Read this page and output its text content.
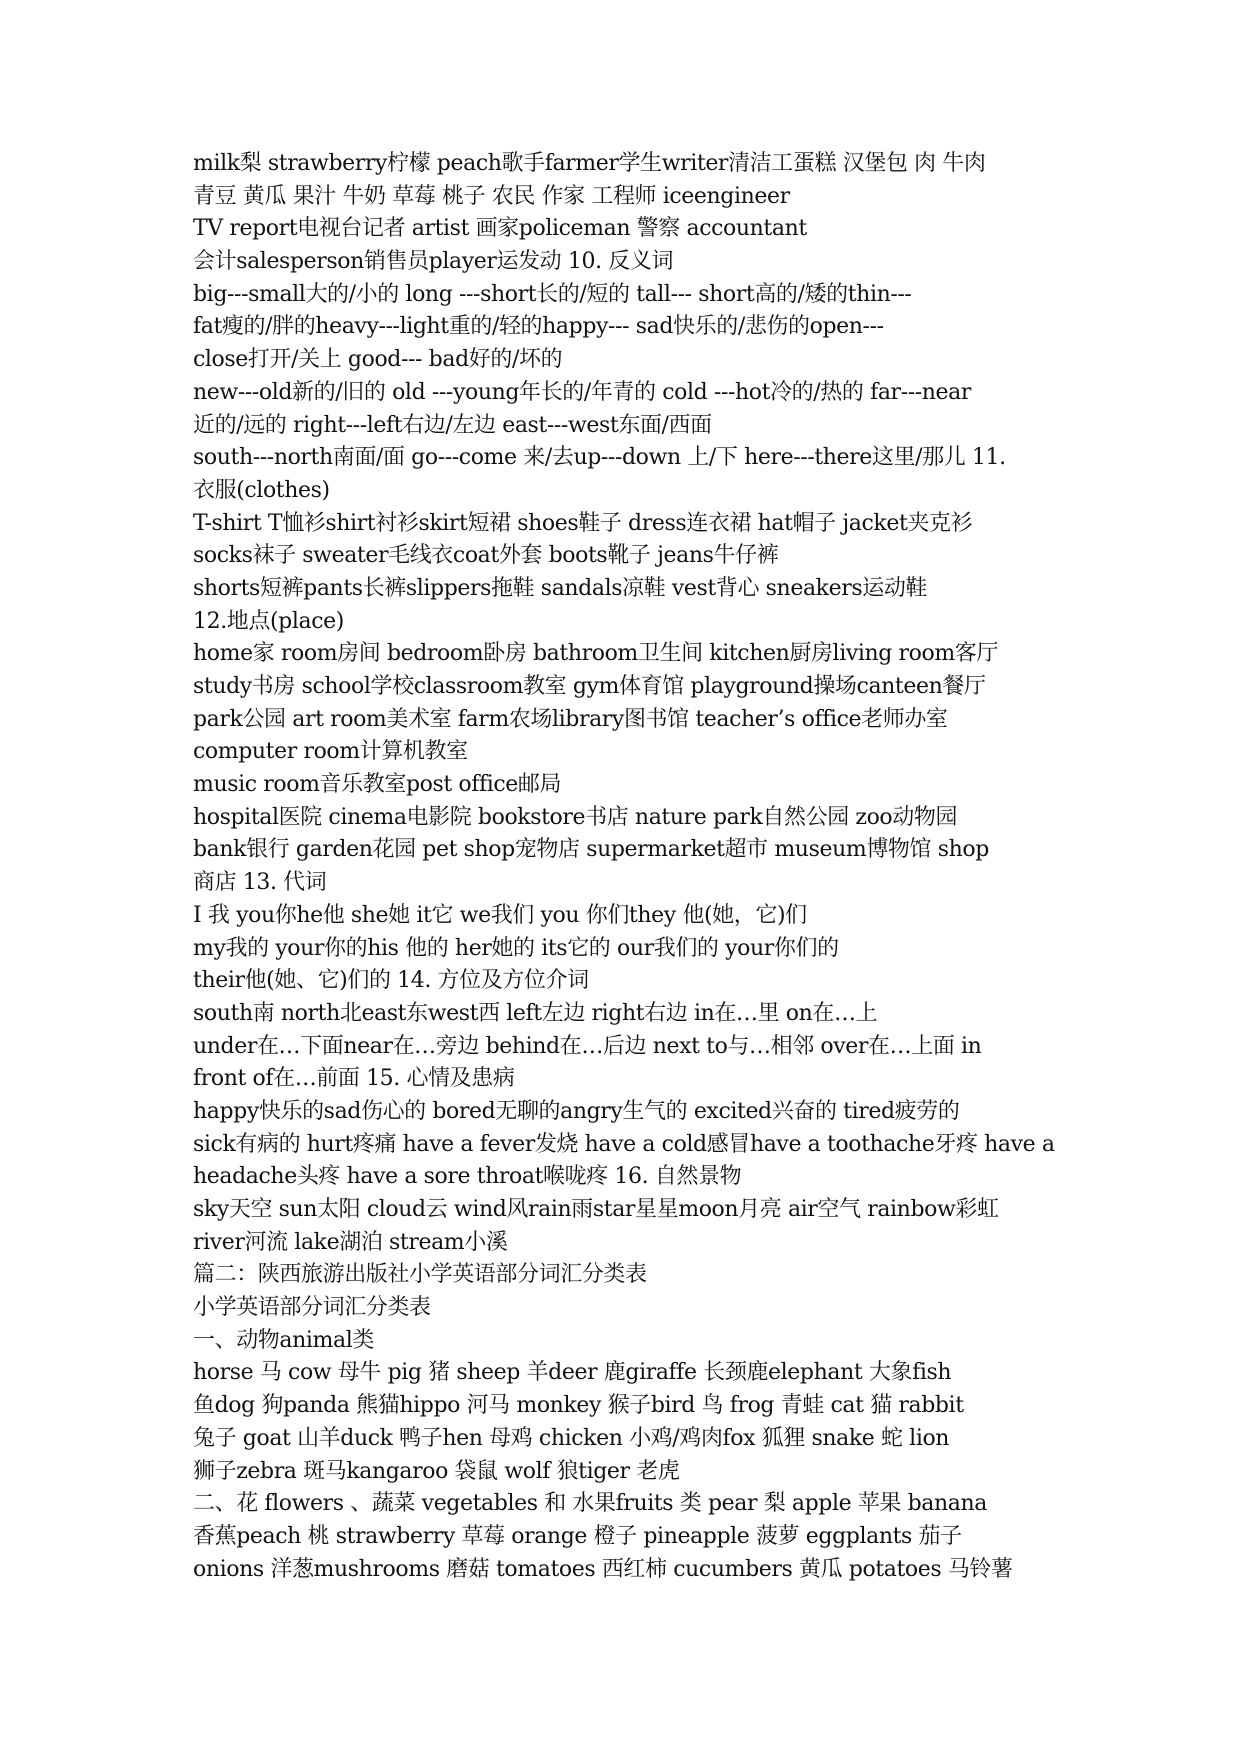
milk梨 strawberry柠檬 peach歌手farmer学生writer清洁工蛋糕 汉堡包 肉 牛肉
青豆 黄瓜 果汁 牛奶 草莓 桃子 农民 作家 工程师 iceengineer
TV report电视台记者 artist 画家policeman 警察 accountant
会计salesperson销售员player运发动 10. 反义词
big---small大的/小的 long ---short长的/短的 tall--- short高的/矮的thin---
fat瘦的/胖的heavy---light重的/轻的happy--- sad快乐的/悲伤的open---
close打开/关上 good--- bad好的/坏的
new---old新的/旧的 old ---young年长的/年青的 cold ---hot冷的/热的 far---near
近的/远的 right---left右边/左边 east---west东面/西面
south---north南面/面 go---come 来/去up---down 上/下 here---there这里/那儿 11.
衣服(clothes)
T-shirt T恤衫shirt衬衫skirt短裙 shoes鞋子 dress连衣裙 hat帽子 jacket夹克衫
socks袜子 sweater毛线衣coat外套 boots靴子 jeans牛仔裤
shorts短裤pants长裤slippers拖鞋 sandals凉鞋 vest背心 sneakers运动鞋
12.地点(place)
home家 room房间 bedroom卧房 bathroom卫生间 kitchen厨房living room客厅
study书房 school学校classroom教室 gym体育馆 playground操场canteen餐厅
park公园 art room美术室 farm农场library图书馆 teacher’s office老师办室
computer room计算机教室
music room音乐教室post office邮局
hospital医院 cinema电影院 bookstore书店 nature park自然公园 zoo动物园
bank银行 garden花园 pet shop宠物店 supermarket超市 museum博物馆 shop
商店 13. 代词
I 我 you你he他 she她 it它 we我们 you 你们they 他(她，它)们
my我的 your你的his 他的 her她的 its它的 our我们的 your你们的
their他(她、它)们的 14. 方位及方位介词
south南 north北east东west西 left左边 right右边 in在…里 on在…上
under在…下面near在…旁边 behind在…后边 next to与…相邻 over在…上面 in
front of在…前面 15. 心情及患病
happy快乐的sad伤心的 bored无聊的angry生气的 excited兴奋的 tired疲劳的
sick有病的 hurt疼痛 have a fever发烧 have a cold感冒have a toothache牙疼 have a
headache头疼 have a sore throat喉咙疼 16. 自然景物
sky天空 sun太阳 cloud云 wind风rain雨star星星moon月亮 air空气 rainbow彩虹
river河流 lake湖泊 stream小溪
篇二：陕西旅游出版社小学英语部分词汇分类表
小学英语部分词汇分类表
一、动物animal类
horse 马 cow 母牛 pig 猪 sheep 羊deer 鹿giraffe 长颈鹿elephant 大象fish
鱼dog 狗panda 熊猫hippo 河马 monkey 猴子bird 鸟 frog 青蛙 cat 猫 rabbit
兔子 goat 山羊duck 鸭子hen 母鸡 chicken 小鸡/鸡肉fox 狐狸 snake 蛇 lion
狮子zebra 斑马kangaroo 袋鼠 wolf 狼tiger 老虎
二、花 flowers 、蔬菜 vegetables 和 水果fruits 类 pear 梨 apple 苹果 banana
香蕉peach 桃 strawberry 草莓 orange 橙子 pineapple 菠萝 eggplants 茄子
onions 洋葱mushrooms 磨菇 tomatoes 西红柿 cucumbers 黄瓜 potatoes 马铃薯
